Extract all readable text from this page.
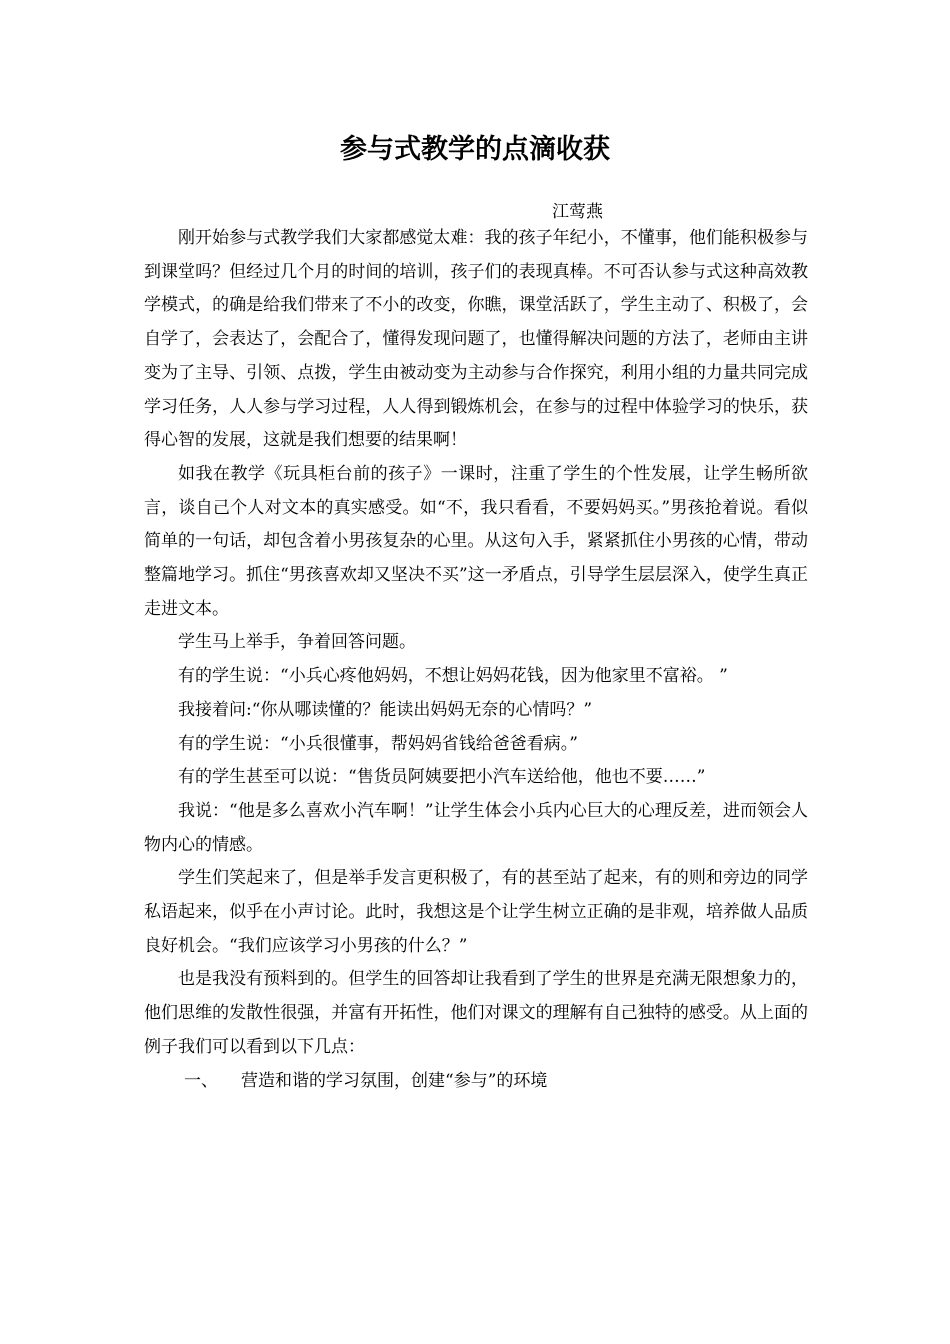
参与式教学的点滴收获
江莺燕

刚开始参与式教学我们大家都感觉太难：我的孩子年纪小，不懂事，他们能积极参与到课堂吗？但经过几个月的时间的培训，孩子们的表现真棒。不可否认参与式这种高效教学模式，的确是给我们带来了不小的改变，你瞧，课堂活跃了，学生主动了、积极了，会自学了，会表达了，会配合了，懂得发现问题了，也懂得解决问题的方法了，老师由主讲变为了主导、引领、点拨，学生由被动变为主动参与合作探究，利用小组的力量共同完成学习任务，人人参与学习过程，人人得到锻炼机会，在参与的过程中体验学习的快乐，获得心智的发展，这就是我们想要的结果啊！

如我在教学《玩具柜台前的孩子》一课时，注重了学生的个性发展，让学生畅所欲言，谈自己个人对文本的真实感受。如“不，我只看看，不要妈妈买。”男孩抢着说。看似简单的一句话，却包含着小男孩复杂的心里。从这句入手，紧紧抓住小男孩的心情，带动整篇地学习。抓住“男孩喜欢却又坚决不买”这一矛盾点，引导学生层层深入，使学生真正走进文本。

学生马上举手，争着回答问题。

有的学生说：“小兵心疼他妈妈，不想让妈妈花钱，因为他家里不富裕。 ”

我接着问:“你从哪读懂的？能读出妈妈无奈的心情吗？”

有的学生说：“小兵很懂事，帮妈妈省钱给爸爸看病。”

有的学生甚至可以说：“售货员阿姨要把小汽车送给他，他也不要……”

我说：“他是多么喜欢小汽车啊！”让学生体会小兵内心巨大的心理反差，进而领会人物内心的情感。

学生们笑起来了，但是举手发言更积极了，有的甚至站了起来，有的则和旁边的同学私语起来，似乎在小声讨论。此时，我想这是个让学生树立正确的是非观，培养做人品质良好机会。“我们应该学习小男孩的什么？”

也是我没有预料到的。但学生的回答却让我看到了学生的世界是充满无限想象力的，他们思维的发散性很强，并富有开拓性，他们对课文的理解有自己独特的感受。从上面的例子我们可以看到以下几点：

一、	营造和谐的学习氛围，创建“参与”的环境
